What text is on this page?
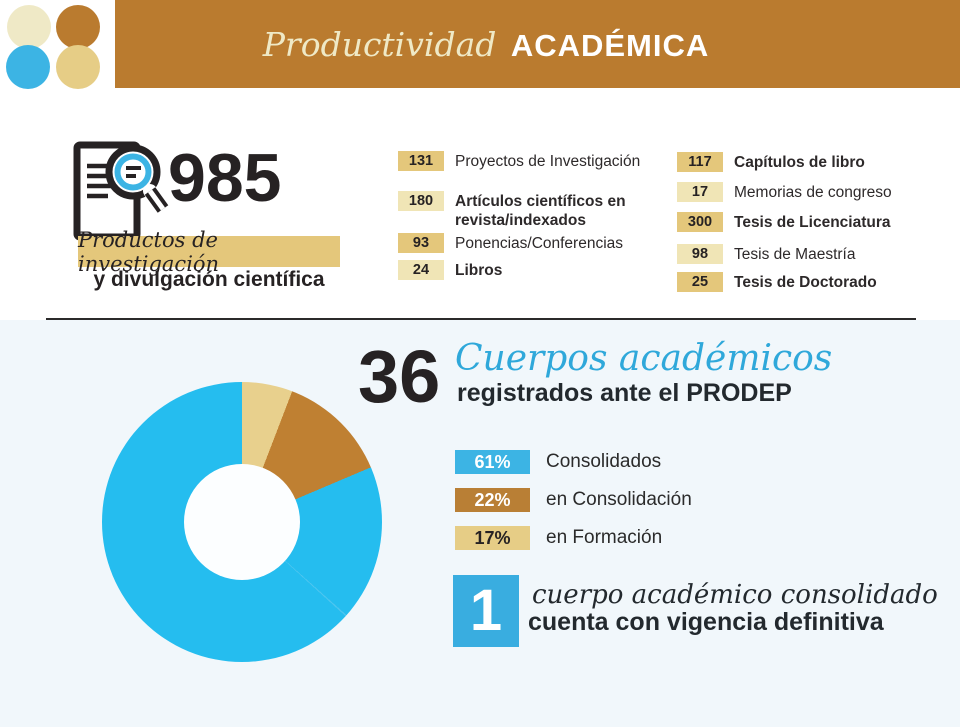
Productividad ACADÉMICA
985
Productos de investigación
y divulgación científica
131	Proyectos de Investigación
180	Artículos científicos en revista/indexados
93	Ponencias/Conferencias
24	Libros
117	Capítulos de libro
17	Memorias de congreso
300	Tesis de Licenciatura
98	Tesis de Maestría
25	Tesis de Doctorado
36 Cuerpos académicos
registrados ante el PRODEP
61%	Consolidados
22%	en Consolidación
17%	en Formación
1 cuerpo académico consolidado
cuenta con vigencia definitiva
